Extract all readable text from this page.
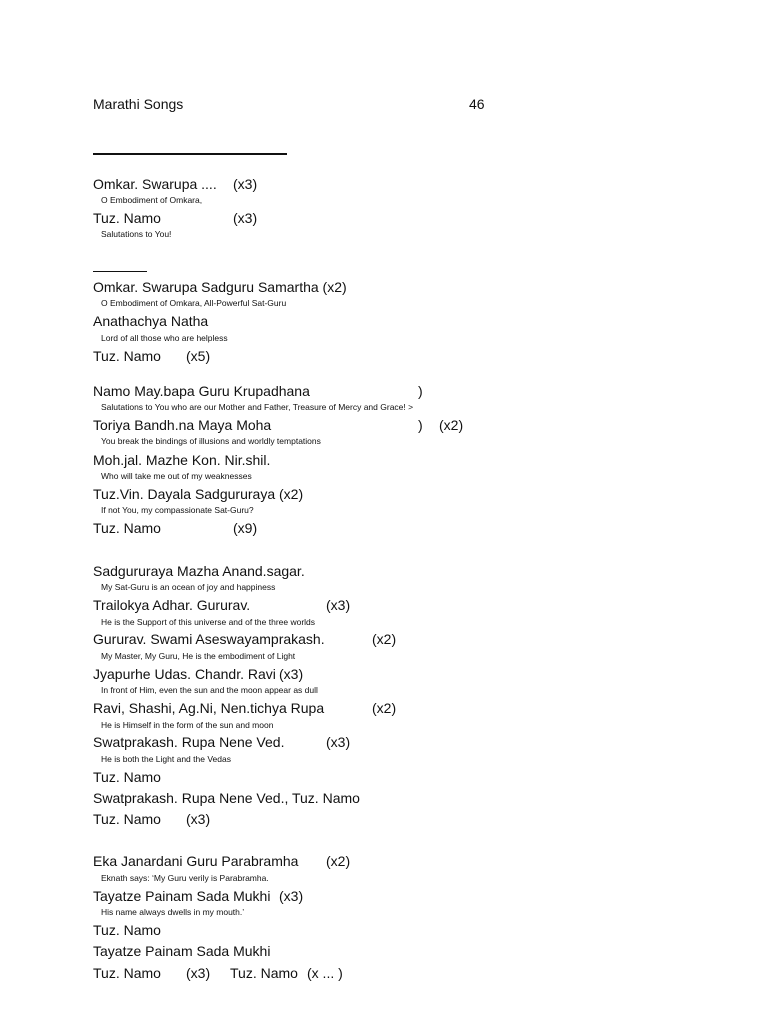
Marathi Songs	46
Omkar. Swarupa .... (x3)
O Embodiment of Omkara,
Tuz. Namo	(x3)
Salutations to You!
Omkar. Swarupa Sadguru Samartha (x2)
O Embodiment of Omkara, All-Powerful Sat-Guru
Anathachya Natha
Lord of all those who are helpless
Tuz. Namo (x5)
Namo May.bapa Guru Krupadhana	)
Salutations to You who are our Mother and Father, Treasure of Mercy and Grace! >
Toriya Bandh.na Maya Moha	) (x2)
You break the bindings of illusions and worldly temptations
Moh.jal. Mazhe Kon. Nir.shil.
Who will take me out of my weaknesses
Tuz.Vin. Dayala Sadgururaya (x2)
If not You, my compassionate Sat-Guru?
Tuz. Namo	(x9)
Sadgururaya Mazha Anand.sagar.
My Sat-Guru is an ocean of joy and happiness
Trailokya Adhar. Gururav.	(x3)
He is the Support of this universe and of the three worlds
Gururav. Swami Aseswayamprakash.	(x2)
My Master, My Guru, He is the embodiment of Light
Jyapurhe Udas. Chandr. Ravi (x3)
In front of Him, even the sun and the moon appear as dull
Ravi, Shashi, Ag.Ni, Nen.tichya Rupa	(x2)
He is Himself in the form of the sun and moon
Swatprakash. Rupa Nene Ved.	(x3)
He is both the Light and the Vedas
Tuz. Namo
Swatprakash. Rupa Nene Ved., Tuz. Namo
Tuz. Namo (x3)
Eka Janardani Guru Parabramha (x2)
Eknath says: ‘My Guru verily is Parabramha.
Tayatze Painam Sada Mukhi (x3)
His name always dwells in my mouth.’
Tuz. Namo
Tayatze Painam Sada Mukhi
Tuz. Namo (x3) Tuz. Namo (x ... )
